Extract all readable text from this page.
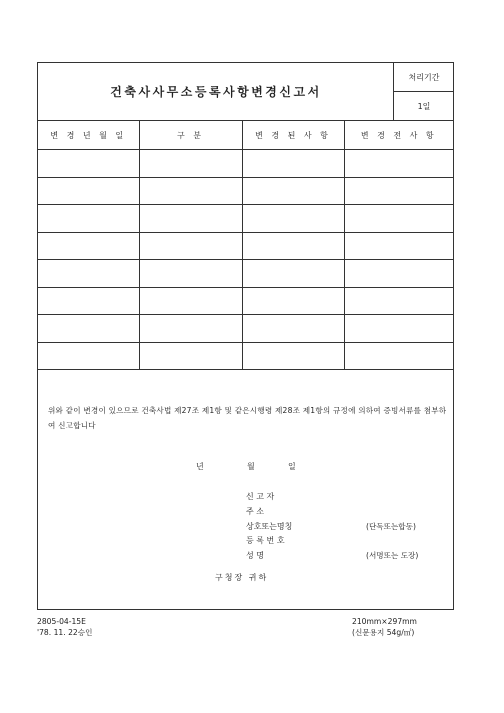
건축사사무소등록사항변경신고서
처리기간
1일
변 경 년 월 일	구 분	변 경 된 사 항	변 경 전 사 항

위와 같이 변경이 있으므로 건축사법 제27조 제1항 및 같은시행령 제28조 제1항의 규정에 의하여 증빙서류를 첨부하여 신고합니다
년	월	일
신 고 자
주 소
상호또는명칭	(단독또는합동)
등 록 번 호
성 명	(서명또는 도장)
구청장 귀하
2805-04-15E
'78. 11. 22승인
210mm×297mm
(신문용지 54g/㎡)
